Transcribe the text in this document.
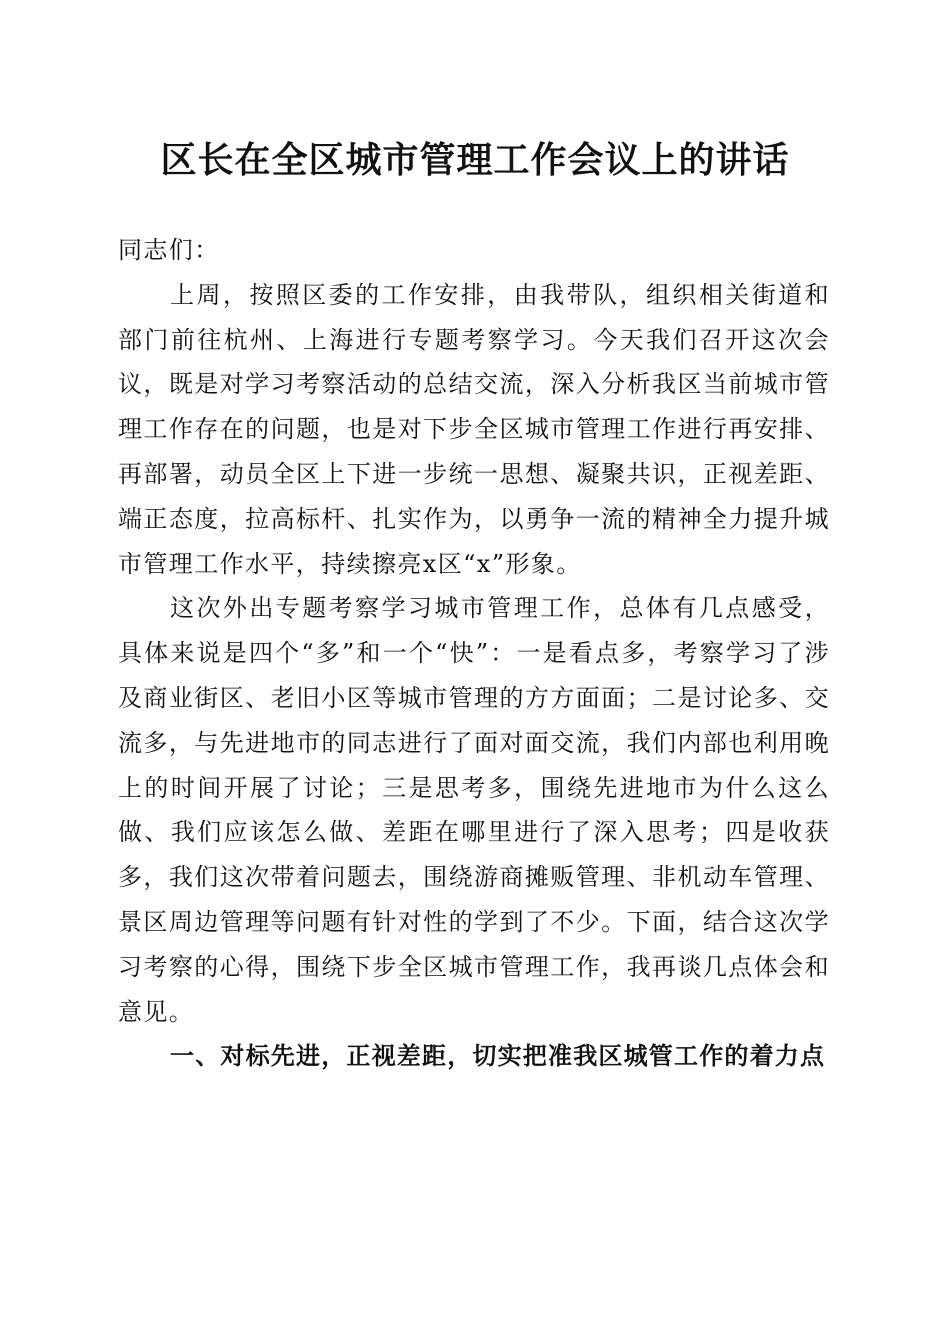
区长在全区城市管理工作会议上的讲话

同志们：

上周，按照区委的工作安排，由我带队，组织相关街道和部门前往杭州、上海进行专题考察学习。今天我们召开这次会议，既是对学习考察活动的总结交流，深入分析我区当前城市管理工作存在的问题，也是对下步全区城市管理工作进行再安排、再部署，动员全区上下进一步统一思想、凝聚共识，正视差距、端正态度，拉高标杆、扎实作为，以勇争一流的精神全力提升城市管理工作水平，持续擦亮x区“x”形象。

这次外出专题考察学习城市管理工作，总体有几点感受，具体来说是四个“多”和一个“快”：一是看点多，考察学习了涉及商业街区、老旧小区等城市管理的方方面面；二是讨论多、交流多，与先进地市的同志进行了面对面交流，我们内部也利用晚上的时间开展了讨论；三是思考多，围绕先进地市为什么这么做、我们应该怎么做、差距在哪里进行了深入思考；四是收获多，我们这次带着问题去，围绕游商摊贩管理、非机动车管理、景区周边管理等问题有针对性的学到了不少。下面，结合这次学习考察的心得，围绕下步全区城市管理工作，我再谈几点体会和意见。

一、对标先进，正视差距，切实把准我区城管工作的着力点
